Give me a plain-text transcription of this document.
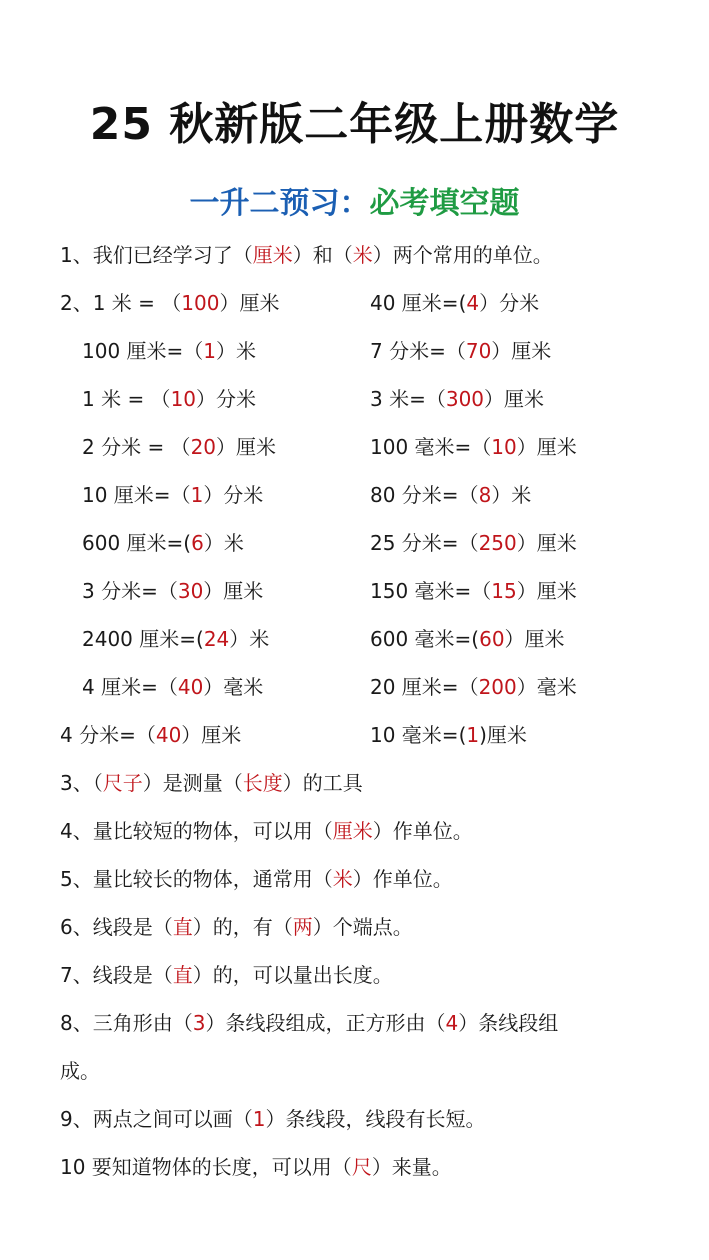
25 秋新版二年级上册数学
一升二预习：必考填空题
1、我们已经学习了（厘米）和（米）两个常用的单位。
2、1 米 = （100）厘米	40 厘米=(4）分米
100 厘米=（1）米	7 分米=（70）厘米
1 米 = （10）分米	3 米=（300）厘米
2 分米 = （20）厘米	100 毫米=（10）厘米
10 厘米=（1）分米	80 分米=（8）米
600 厘米=(6）米	25 分米=（250）厘米
3 分米=（30）厘米	150 毫米=（15）厘米
2400 厘米=(24）米	600 毫米=(60）厘米
4 厘米=（40）毫米	20 厘米=（200）毫米
4 分米=（40）厘米	10 毫米=(1)厘米
3、（尺子）是测量（长度）的工具
4、量比较短的物体，可以用（厘米）作单位。
5、量比较长的物体，通常用（米）作单位。
6、线段是（直）的，有（两）个端点。
7、线段是（直）的，可以量出长度。
8、三角形由（3）条线段组成，正方形由（4）条线段组
成。
9、两点之间可以画（1）条线段，线段有长短。
10 要知道物体的长度，可以用（尺）来量。
